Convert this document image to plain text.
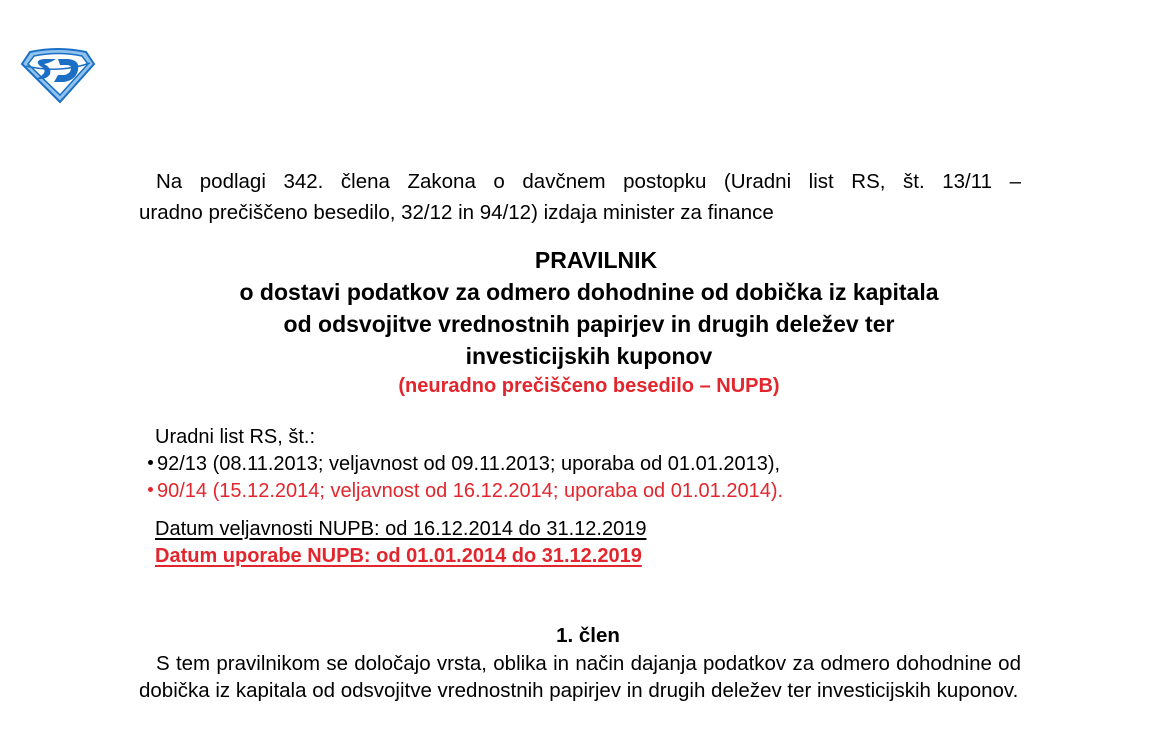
Na podlagi 342. člena Zakona o davčnem postopku (Uradni list RS, št. 13/11 –
uradno prečiščeno besedilo, 32/12 in 94/12) izdaja minister za finance
PRAVILNIK
o dostavi podatkov za odmero dohodnine od dobička iz kapitala
od odsvojitve vrednostnih papirjev in drugih deležev ter
investicijskih kuponov
(neuradno prečiščeno besedilo – NUPB)
Uradni list RS, št.:
92/13 (08.11.2013; veljavnost od 09.11.2013; uporaba od 01.01.2013),
90/14 (15.12.2014; veljavnost od 16.12.2014; uporaba od 01.01.2014).
Datum veljavnosti NUPB: od 16.12.2014 do 31.12.2019
Datum uporabe NUPB: od 01.01.2014 do 31.12.2019
1. člen
S tem pravilnikom se določajo vrsta, oblika in način dajanja podatkov za odmero dohodnine od dobička iz kapitala od odsvojitve vrednostnih papirjev in drugih deležev ter investicijskih kuponov.
